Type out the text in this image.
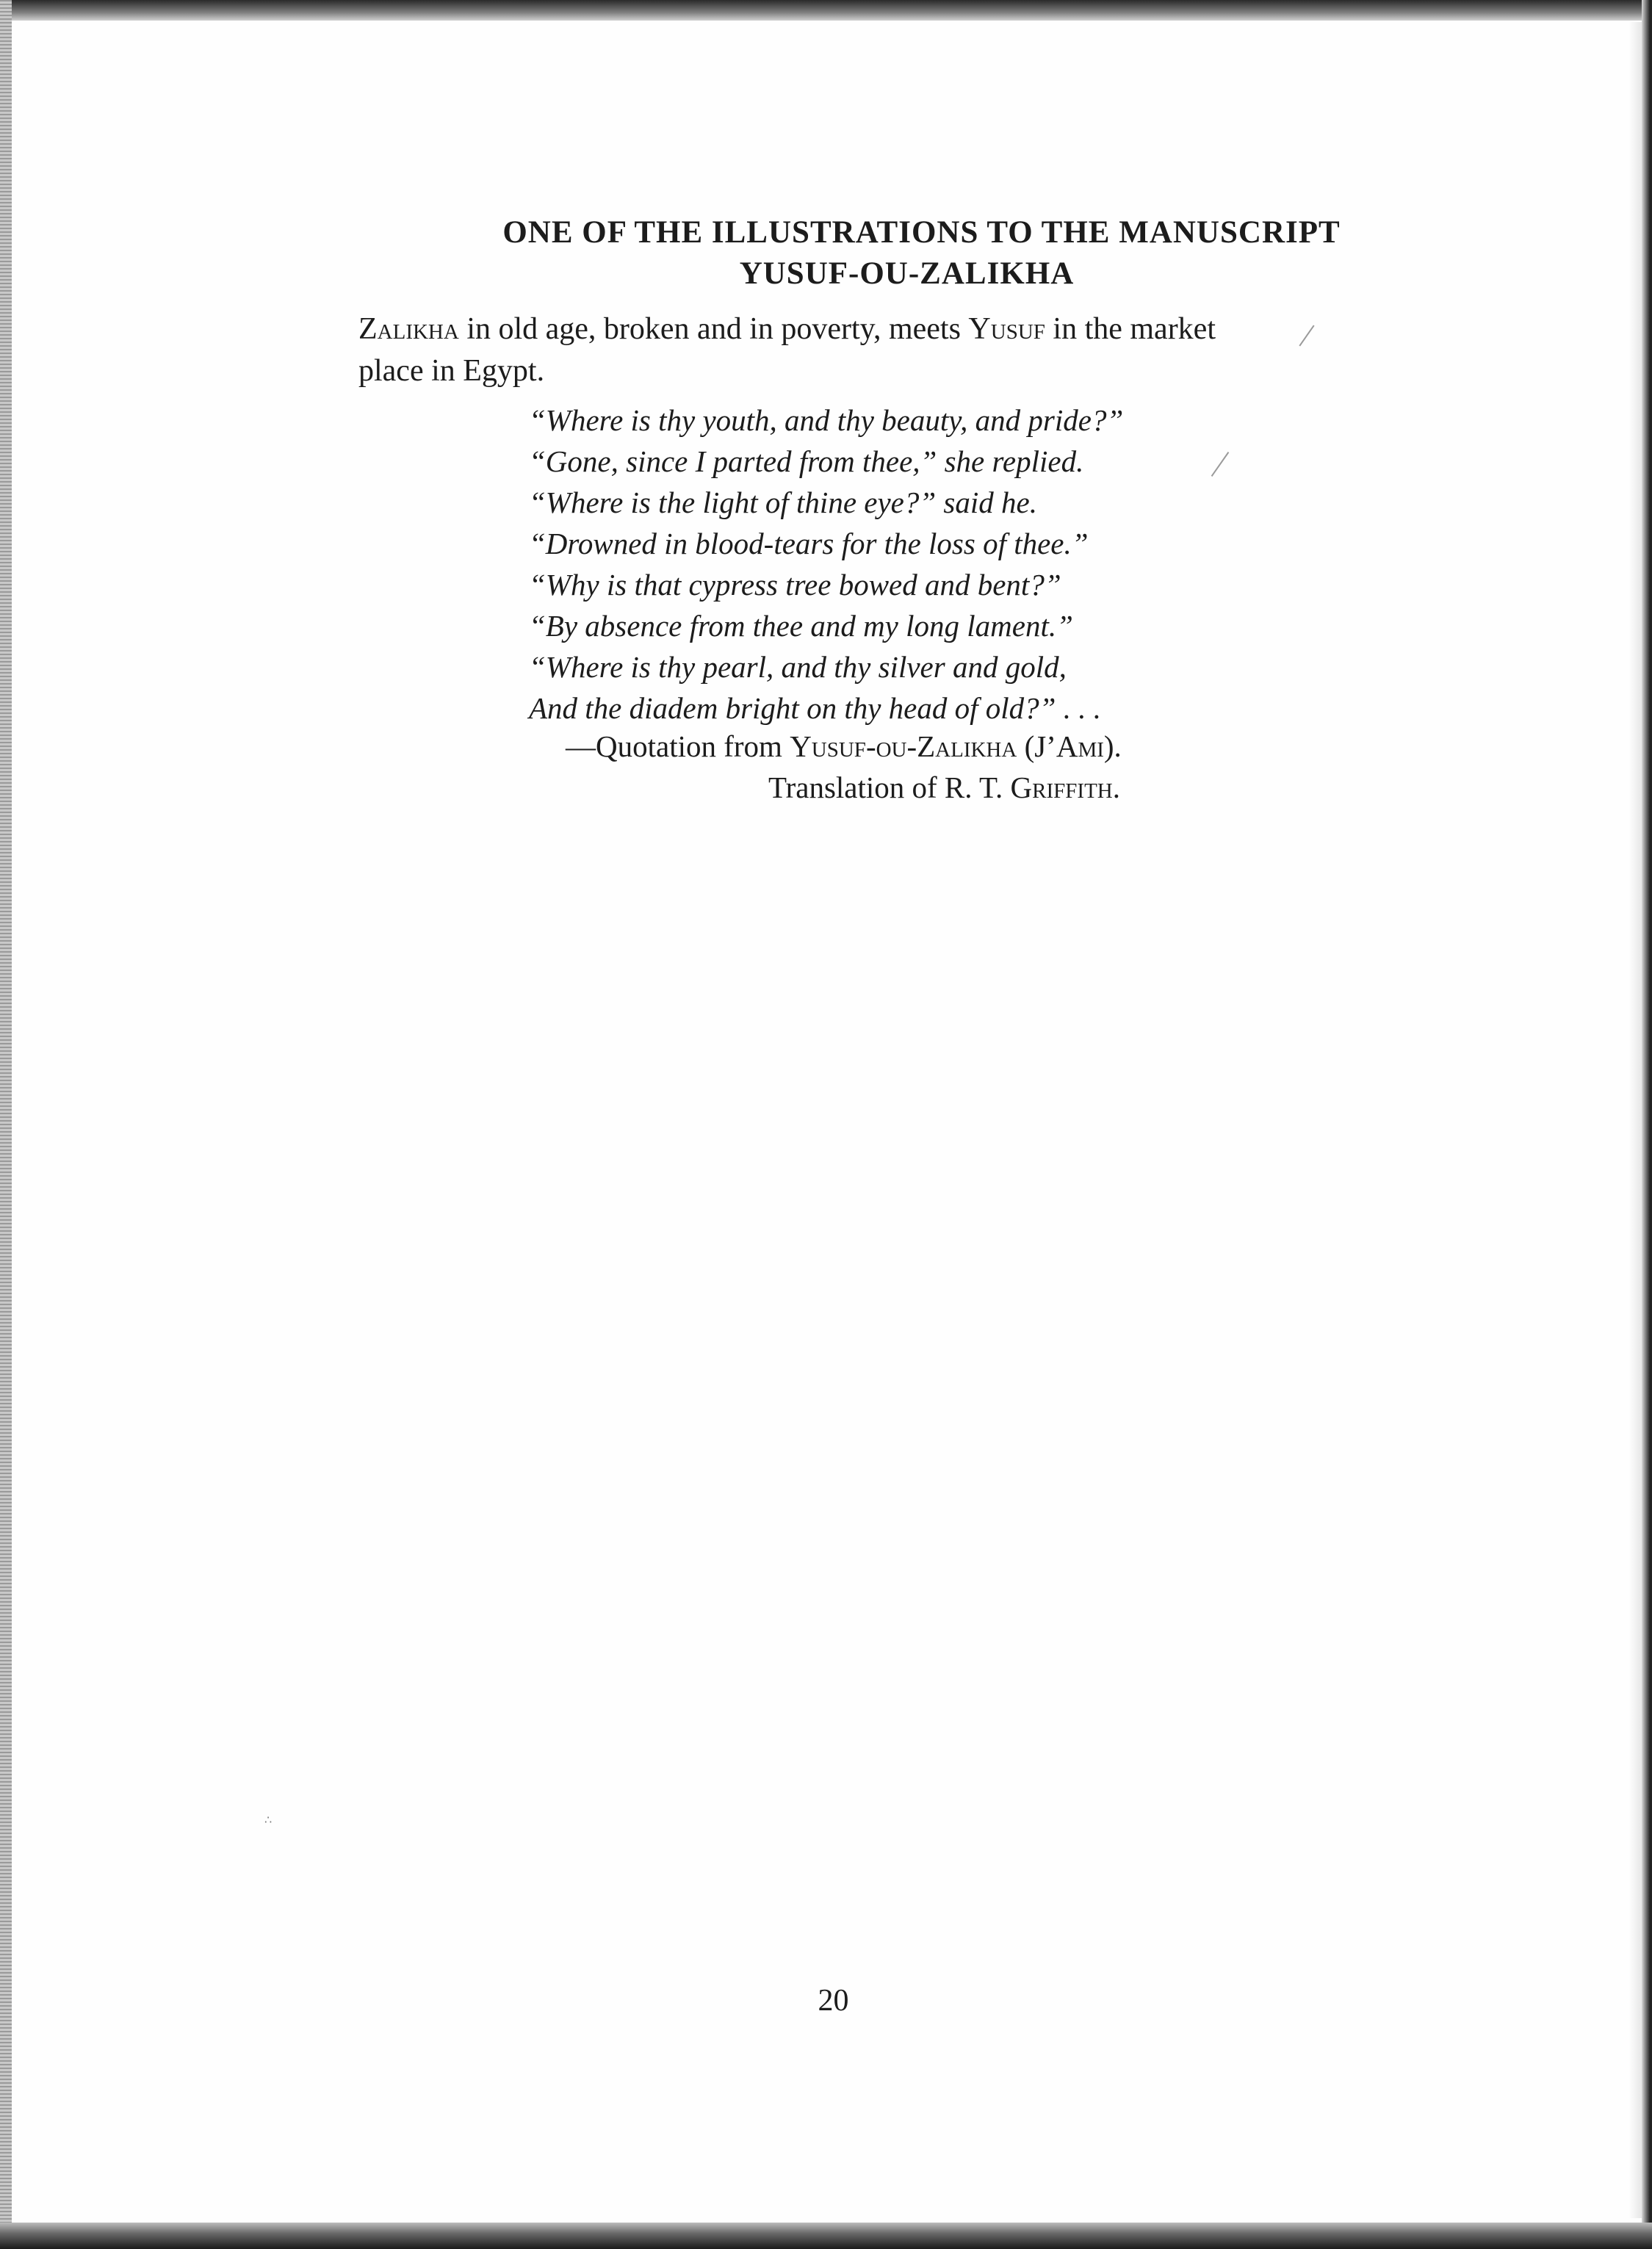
ONE OF THE ILLUSTRATIONS TO THE MANUSCRIPT
YUSUF-OU-ZALIKHA
Zalikha in old age, broken and in poverty, meets Yusuf in the market
place in Egypt.
“Where is thy youth, and thy beauty, and pride?”
“Gone, since I parted from thee,” she replied.
“Where is the light of thine eye?” said he.
“Drowned in blood-tears for the loss of thee.”
“Why is that cypress tree bowed and bent?”
“By absence from thee and my long lament.”
“Where is thy pearl, and thy silver and gold,
And the diadem bright on thy head of old?” . . .
—Quotation from Yusuf-ou-Zalikha (J’Ami).
Translation of R. T. Griffith.
∴
20
